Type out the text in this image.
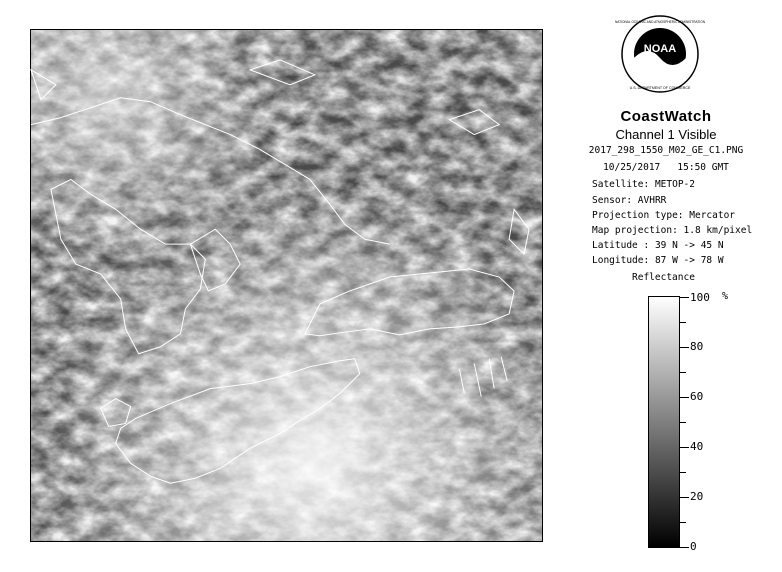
NOAA
NATIONAL OCEANIC AND ATMOSPHERIC ADMINISTRATION
U.S. DEPARTMENT OF COMMERCE
CoastWatch
Channel 1 Visible
2017_298_1550_M02_GE_C1.PNG
10/25/2017   15:50 GMT
Satellite: METOP-2
Sensor: AVHRR
Projection type: Mercator
Map projection: 1.8 km/pixel
Latitude : 39 N -> 45 N
Longitude: 87 W -> 78 W
Reflectance
%
0
20
40
60
80
100
